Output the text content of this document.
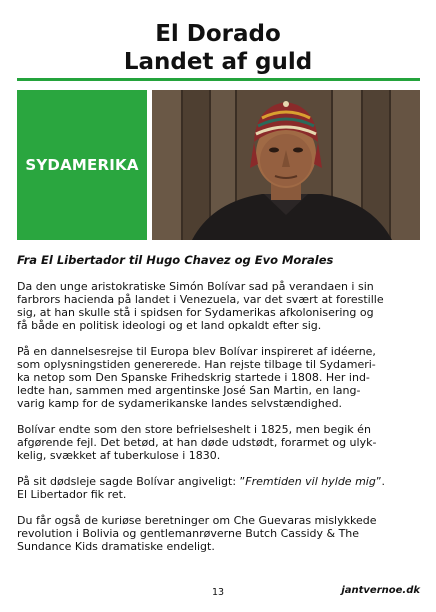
El Dorado
Landet af guld
SYDAMERIKA
Fra El Libertador til Hugo Chavez og Evo Morales

Da den unge aristokratiske Simón Bolívar sad på verandaen i sin
farbrors hacienda på landet i Venezuela, var det svært at forestille
sig, at han skulle stå i spidsen for Sydamerikas afkolonisering og
få både en politisk ideologi og et land opkaldt efter sig.

På en dannelsesrejse til Europa blev Bolívar inspireret af idéerne,
som oplysningstiden genererede. Han rejste tilbage til Sydameri-
ka netop som Den Spanske Frihedskrig startede i 1808. Her ind-
ledte han, sammen med argentinske José San Martin, en lang-
varig kamp for de sydamerikanske landes selvstændighed.

Bolívar endte som den store befrielseshelt i 1825, men begik én
afgørende fejl. Det betød, at han døde udstødt, forarmet og ulyk-
kelig, svækket af tuberkulose i 1830.

På sit dødsleje sagde Bolívar angiveligt: ”Fremtiden vil hylde mig”.
El Libertador fik ret.

Du får også de kuriøse beretninger om Che Guevaras mislykkede
revolution i Bolivia og gentlemanrøverne Butch Cassidy & The
Sundance Kids dramatiske endeligt.

jantvernoe.dk
13
